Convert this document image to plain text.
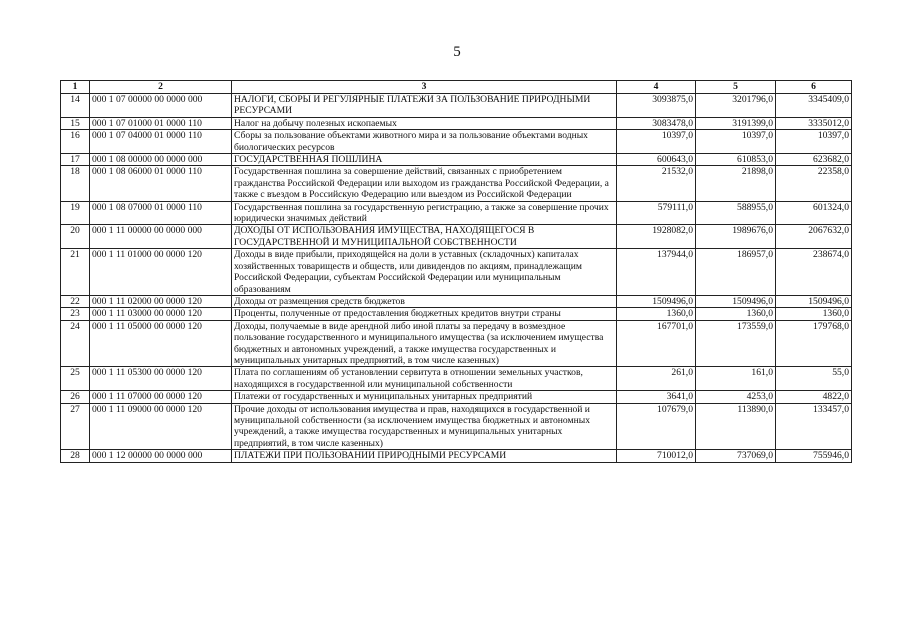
5
1	2	3	4	5	6
14	000 1 07 00000 00 0000 000	НАЛОГИ, СБОРЫ И РЕГУЛЯРНЫЕ ПЛАТЕЖИ ЗА ПОЛЬЗОВАНИЕ ПРИРОДНЫМИ РЕСУРСАМИ	3093875,0	3201796,0	3345409,0
15	000 1 07 01000 01 0000 110	Налог на добычу полезных ископаемых	3083478,0	3191399,0	3335012,0
16	000 1 07 04000 01 0000 110	Сборы за пользование объектами животного мира и за пользование объектами водных биологических ресурсов	10397,0	10397,0	10397,0
17	000 1 08 00000 00 0000 000	ГОСУДАРСТВЕННАЯ ПОШЛИНА	600643,0	610853,0	623682,0
18	000 1 08 06000 01 0000 110	Государственная пошлина за совершение действий, связанных с приобретением гражданства Российской Федерации или выходом из гражданства Российской Федерации, а также с въездом в Российскую Федерацию или выездом из Российской Федерации	21532,0	21898,0	22358,0
19	000 1 08 07000 01 0000 110	Государственная пошлина за государственную регистрацию, а также за совершение прочих юридически значимых действий	579111,0	588955,0	601324,0
20	000 1 11 00000 00 0000 000	ДОХОДЫ ОТ ИСПОЛЬЗОВАНИЯ ИМУЩЕСТВА, НАХОДЯЩЕГОСЯ В ГОСУДАРСТВЕННОЙ И МУНИЦИПАЛЬНОЙ СОБСТВЕННОСТИ	1928082,0	1989676,0	2067632,0
21	000 1 11 01000 00 0000 120	Доходы в виде прибыли, приходящейся на доли в уставных (складочных) капиталах хозяйственных товариществ и обществ, или дивидендов по акциям, принадлежащим Российской Федерации, субъектам Российской Федерации или муниципальным образованиям	137944,0	186957,0	238674,0
22	000 1 11 02000 00 0000 120	Доходы от размещения средств бюджетов	1509496,0	1509496,0	1509496,0
23	000 1 11 03000 00 0000 120	Проценты, полученные от предоставления бюджетных кредитов внутри страны	1360,0	1360,0	1360,0
24	000 1 11 05000 00 0000 120	Доходы, получаемые в виде арендной либо иной платы за передачу в возмездное пользование государственного и муниципального имущества (за исключением имущества бюджетных и автономных учреждений, а также имущества государственных и муниципальных унитарных предприятий, в том числе казенных)	167701,0	173559,0	179768,0
25	000 1 11 05300 00 0000 120	Плата по соглашениям об установлении сервитута в отношении земельных участков, находящихся в государственной или муниципальной собственности	261,0	161,0	55,0
26	000 1 11 07000 00 0000 120	Платежи от государственных и муниципальных унитарных предприятий	3641,0	4253,0	4822,0
27	000 1 11 09000 00 0000 120	Прочие доходы от использования имущества и прав, находящихся в государственной и муниципальной собственности (за исключением имущества бюджетных и автономных учреждений, а также имущества государственных и муниципальных унитарных предприятий, в том числе казенных)	107679,0	113890,0	133457,0
28	000 1 12 00000 00 0000 000	ПЛАТЕЖИ ПРИ ПОЛЬЗОВАНИИ ПРИРОДНЫМИ РЕСУРСАМИ	710012,0	737069,0	755946,0
